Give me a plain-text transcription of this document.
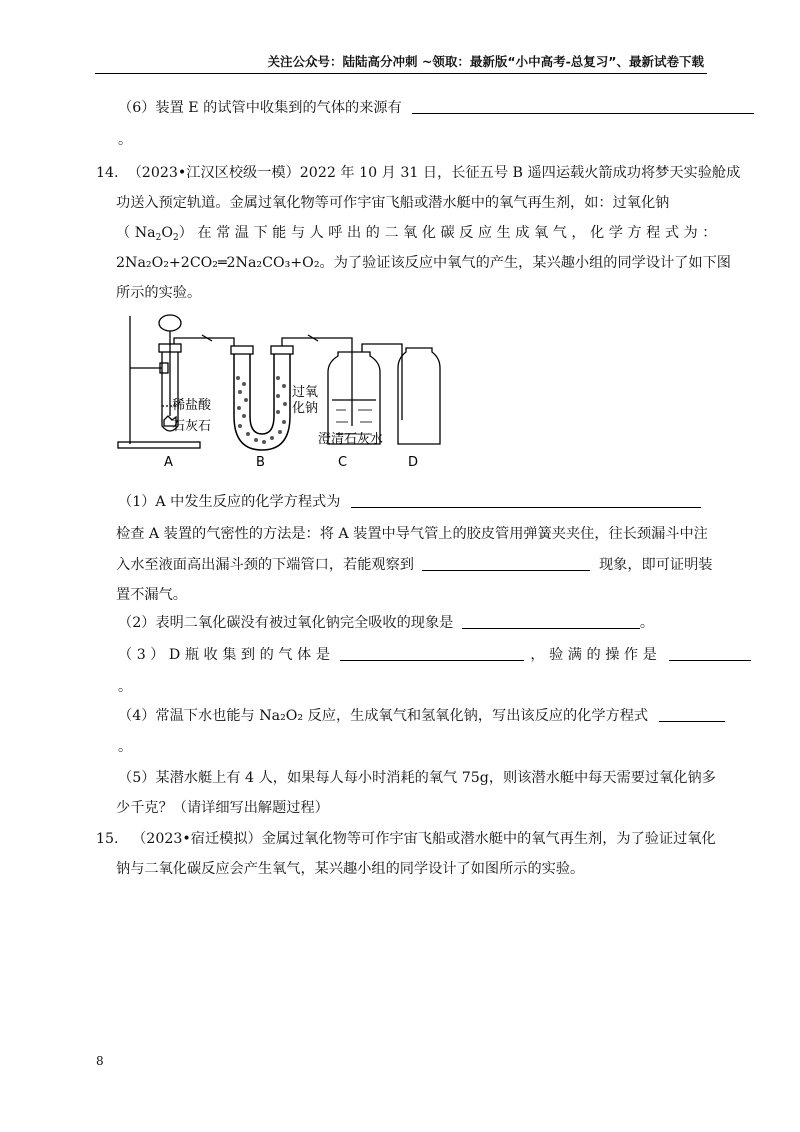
关注公众号：陆陆高分冲刺 ~领取：最新版“小中高考-总复习”、最新试卷下载
（6）装置 E 的试管中收集到的气体的来源有
。
14. （2023•江汉区校级一模）2022 年 10 月 31 日，长征五号 B 遥四运载火箭成功将梦天实验舱成
功送入预定轨道。金属过氧化物等可作宇宙飞船或潜水艇中的氧气再生剂，如：过氧化钠
（ $Na_2O_2$） 在 常 温 下 能 与 人 呼 出 的 二 氧 化 碳 反 应 生 成 氧 气 ， 化 学 方 程 式 为 ：
2Na₂O₂+2CO₂═2Na₂CO₃+O₂。为了验证该反应中氧气的产生，某兴趣小组的同学设计了如下图
所示的实验。
稀盐酸
石灰石
过氧
化钠
澄清石灰水
A	B	C	D
（1）A 中发生反应的化学方程式为
检查 A 装置的气密性的方法是：将 A 装置中导气管上的胶皮管用弹簧夹夹住，往长颈漏斗中注
入水至液面高出漏斗颈的下端管口，若能观察到	现象，即可证明装
置不漏气。
（2）表明二氧化碳没有被过氧化钠完全吸收的现象是	。
（ 3 ） D 瓶 收 集 到 的 气 体 是	， 验 满 的 操 作 是
。
（4）常温下水也能与 Na₂O₂ 反应，生成氧气和氢氧化钠，写出该反应的化学方程式
。
（5）某潜水艇上有 4 人，如果每人每小时消耗的氧气 75g，则该潜水艇中每天需要过氧化钠多
少千克？（请详细写出解题过程）
15. （2023•宿迁模拟）金属过氧化物等可作宇宙飞船或潜水艇中的氧气再生剂，为了验证过氧化
钠与二氧化碳反应会产生氧气，某兴趣小组的同学设计了如图所示的实验。
8
